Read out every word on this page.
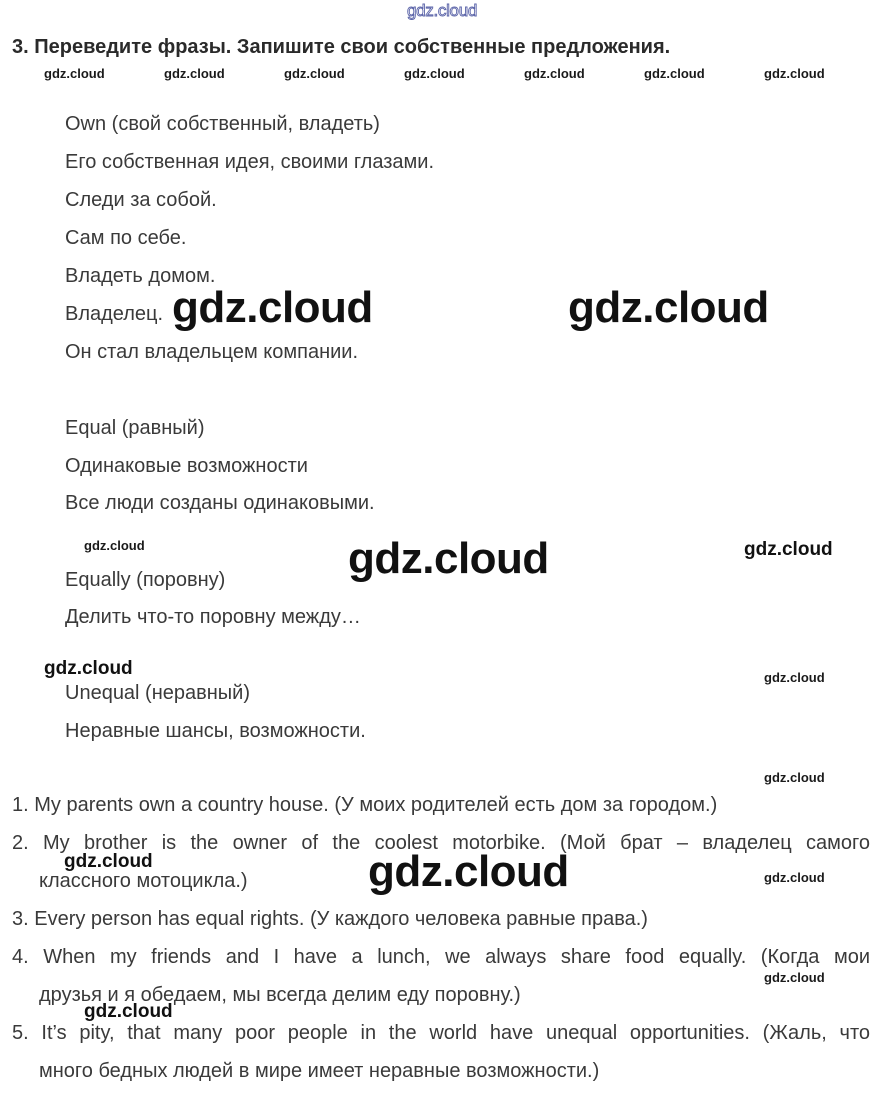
gdz.cloud
3. Переведите фразы. Запишите свои собственные предложения.
gdz.cloud	gdz.cloud	gdz.cloud	gdz.cloud	gdz.cloud	gdz.cloud	gdz.cloud
Own (свой собственный, владеть)
Его собственная идея, своими глазами.
Следи за собой.
Сам по себе.
Владеть домом.
Владелец.
Он стал владельцем компании.
Equal (равный)
Одинаковые возможности
Все люди созданы одинаковыми.
Equally (поровну)
Делить что-то поровну между…
Unequal (неравный)
Неравные шансы, возможности.
1. My parents own a country house. (У моих родителей есть дом за городом.)
2. My brother is the owner of the coolest motorbike. (Мой брат – владелец самого
классного мотоцикла.)
3. Every person has equal rights. (У каждого человека равные права.)
4. When my friends and I have a lunch, we always share food equally. (Когда мои
друзья и я обедаем, мы всегда делим еду поровну.)
5. It’s pity, that many poor people in the world have unequal opportunities. (Жаль, что
много бедных людей в мире имеет неравные возможности.)
gdz.cloud	gdz.cloud
gdz.cloud	gdz.cloud	gdz.cloud
gdz.cloud	gdz.cloud
gdz.cloud
gdz.cloud	gdz.cloud	gdz.cloud
gdz.cloud
gdz.cloud
